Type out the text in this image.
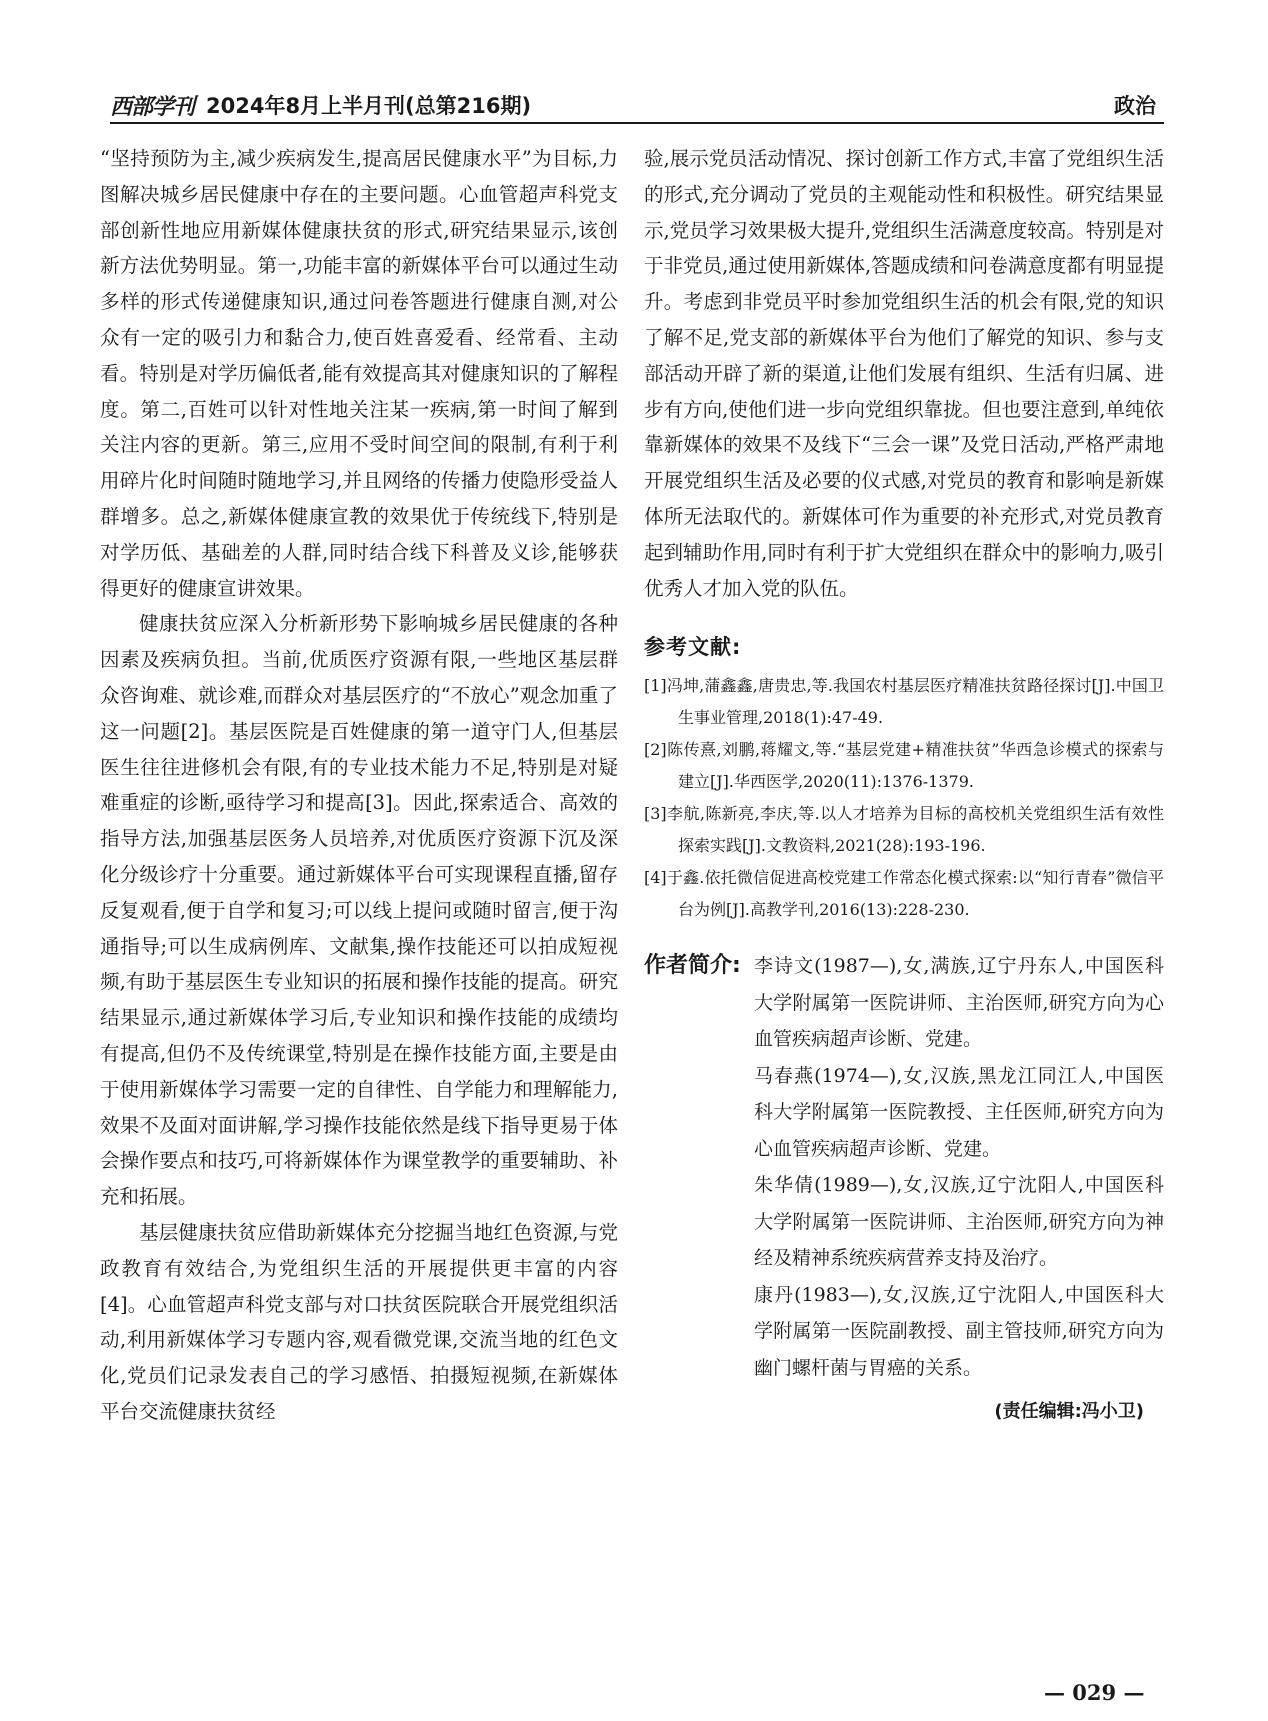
西部学刊 2024年8月上半月刊(总第216期)	政治

“坚持预防为主,减少疾病发生,提高居民健康水平”为目标,力图解决城乡居民健康中存在的主要问题。心血管超声科党支部创新性地应用新媒体健康扶贫的形式,研究结果显示,该创新方法优势明显。第一,功能丰富的新媒体平台可以通过生动多样的形式传递健康知识,通过问卷答题进行健康自测,对公众有一定的吸引力和黏合力,使百姓喜爱看、经常看、主动看。特别是对学历偏低者,能有效提高其对健康知识的了解程度。第二,百姓可以针对性地关注某一疾病,第一时间了解到关注内容的更新。第三,应用不受时间空间的限制,有利于利用碎片化时间随时随地学习,并且网络的传播力使隐形受益人群增多。总之,新媒体健康宣教的效果优于传统线下,特别是对学历低、基础差的人群,同时结合线下科普及义诊,能够获得更好的健康宣讲效果。

健康扶贫应深入分析新形势下影响城乡居民健康的各种因素及疾病负担。当前,优质医疗资源有限,一些地区基层群众咨询难、就诊难,而群众对基层医疗的“不放心”观念加重了这一问题[2]。基层医院是百姓健康的第一道守门人,但基层医生往往进修机会有限,有的专业技术能力不足,特别是对疑难重症的诊断,亟待学习和提高[3]。因此,探索适合、高效的指导方法,加强基层医务人员培养,对优质医疗资源下沉及深化分级诊疗十分重要。通过新媒体平台可实现课程直播,留存反复观看,便于自学和复习;可以线上提问或随时留言,便于沟通指导;可以生成病例库、文献集,操作技能还可以拍成短视频,有助于基层医生专业知识的拓展和操作技能的提高。研究结果显示,通过新媒体学习后,专业知识和操作技能的成绩均有提高,但仍不及传统课堂,特别是在操作技能方面,主要是由于使用新媒体学习需要一定的自律性、自学能力和理解能力,效果不及面对面讲解,学习操作技能依然是线下指导更易于体会操作要点和技巧,可将新媒体作为课堂教学的重要辅助、补充和拓展。

基层健康扶贫应借助新媒体充分挖掘当地红色资源,与党政教育有效结合,为党组织生活的开展提供更丰富的内容[4]。心血管超声科党支部与对口扶贫医院联合开展党组织活动,利用新媒体学习专题内容,观看微党课,交流当地的红色文化,党员们记录发表自己的学习感悟、拍摄短视频,在新媒体平台交流健康扶贫经

验,展示党员活动情况、探讨创新工作方式,丰富了党组织生活的形式,充分调动了党员的主观能动性和积极性。研究结果显示,党员学习效果极大提升,党组织生活满意度较高。特别是对于非党员,通过使用新媒体,答题成绩和问卷满意度都有明显提升。考虑到非党员平时参加党组织生活的机会有限,党的知识了解不足,党支部的新媒体平台为他们了解党的知识、参与支部活动开辟了新的渠道,让他们发展有组织、生活有归属、进步有方向,使他们进一步向党组织靠拢。但也要注意到,单纯依靠新媒体的效果不及线下“三会一课”及党日活动,严格严肃地开展党组织生活及必要的仪式感,对党员的教育和影响是新媒体所无法取代的。新媒体可作为重要的补充形式,对党员教育起到辅助作用,同时有利于扩大党组织在群众中的影响力,吸引优秀人才加入党的队伍。

参考文献:

[1]冯坤,蒲鑫鑫,唐贵忠,等.我国农村基层医疗精准扶贫路径探讨[J].中国卫生事业管理,2018(1):47-49.

[2]陈传熹,刘鹏,蒋耀文,等.“基层党建+精准扶贫”华西急诊模式的探索与建立[J].华西医学,2020(11):1376-1379.

[3]李航,陈新亮,李庆,等.以人才培养为目标的高校机关党组织生活有效性探索实践[J].文教资料,2021(28):193-196.

[4]于鑫.依托微信促进高校党建工作常态化模式探索:以“知行青春”微信平台为例[J].高教学刊,2016(13):228-230.

作者简介: 李诗文(1987—),女,满族,辽宁丹东人,中国医科大学附属第一医院讲师、主治医师,研究方向为心血管疾病超声诊断、党建。

马春燕(1974—),女,汉族,黑龙江同江人,中国医科大学附属第一医院教授、主任医师,研究方向为心血管疾病超声诊断、党建。

朱华倩(1989—),女,汉族,辽宁沈阳人,中国医科大学附属第一医院讲师、主治医师,研究方向为神经及精神系统疾病营养支持及治疗。

康丹(1983—),女,汉族,辽宁沈阳人,中国医科大学附属第一医院副教授、副主管技师,研究方向为幽门螺杆菌与胃癌的关系。

(责任编辑:冯小卫)

— 029 —
